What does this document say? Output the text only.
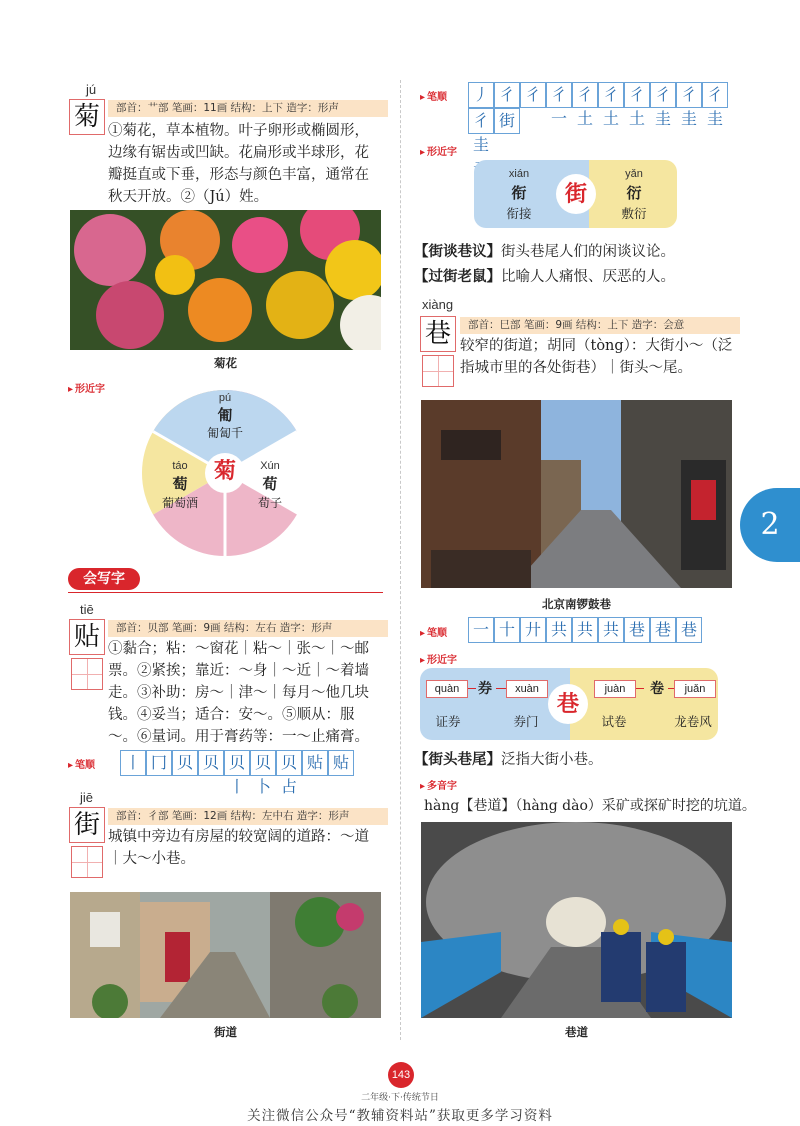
jú
菊	部首：艹部 笔画：11画 结构：上下 造字：形声
①菊花，草本植物。叶子卵形或椭圆形，边缘有锯齿或凹缺。花扁形或半球形，花瓣挺直或下垂，形态与颜色丰富，通常在秋天开放。②（Jú）姓。
菊花
▸ 形近字
菊
pú
匍
匍匐千
táo
萄
葡萄酒
Xún
荀
荀子
会写字
tiē
贴	部首：贝部 笔画：9画 结构：左右 造字：形声
①黏合；粘：～窗花｜粘～｜张～｜～邮票。②紧挨；靠近：～身｜～近｜～着墙走。③补助：房～｜津～｜每月～他几块钱。④妥当；适合：安～。⑤顺从：服～。⑥量词。用于膏药等：一～止痛膏。
▸ 笔顺	丨 冂 贝 贝 贝丨
贝卜
贝占
贴 贴
jiē
街	部首：彳部 笔画：12画 结构：左中右 造字：形声
城镇中旁边有房屋的较宽阔的道路：～道｜大～小巷。
街道
▸ 笔顺	丿 彳 彳 彳一
彳土
彳土
彳土
彳圭
彳圭
彳圭
彳圭
街
▸ 形近字
街
xián
衔
衔接
yǎn
衍
敷衍
【街谈巷议】街头巷尾人们的闲谈议论。
【过街老鼠】比喻人人痛恨、厌恶的人。
xiàng
巷	部首：巳部 笔画：9画 结构：上下 造字：会意
较窄的街道；胡同（tòng）：大街小～（泛指城市里的各处街巷）｜街头～尾。
北京南锣鼓巷
▸ 笔顺	一 十 廾 共 共 共 巷 巷 巷
▸ 形近字
巷
quàn
证券
券	xuàn
券门
juàn
试卷
卷	juǎn
龙卷风
【街头巷尾】泛指大街小巷。
▸ 多音字
hàng【巷道】（hàng dào）采矿或探矿时挖的坑道。
巷道
2
143
二年级·下·传统节日
关注微信公众号“教辅资料站”获取更多学习资料
